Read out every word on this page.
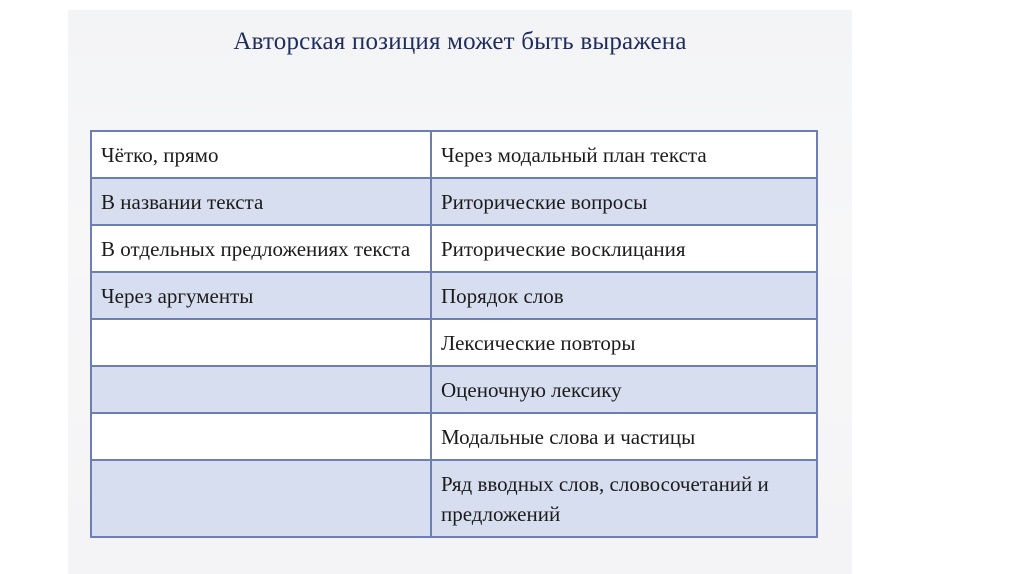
Авторская позиция может быть выражена
Чётко, прямо	Через модальный план текста
В названии текста	Риторические вопросы
В отдельных предложениях текста	Риторические восклицания
Через аргументы	Порядок слов
	Лексические повторы
	Оценочную лексику
	Модальные слова и частицы
	Ряд вводных слов, словосочетаний и предложений
